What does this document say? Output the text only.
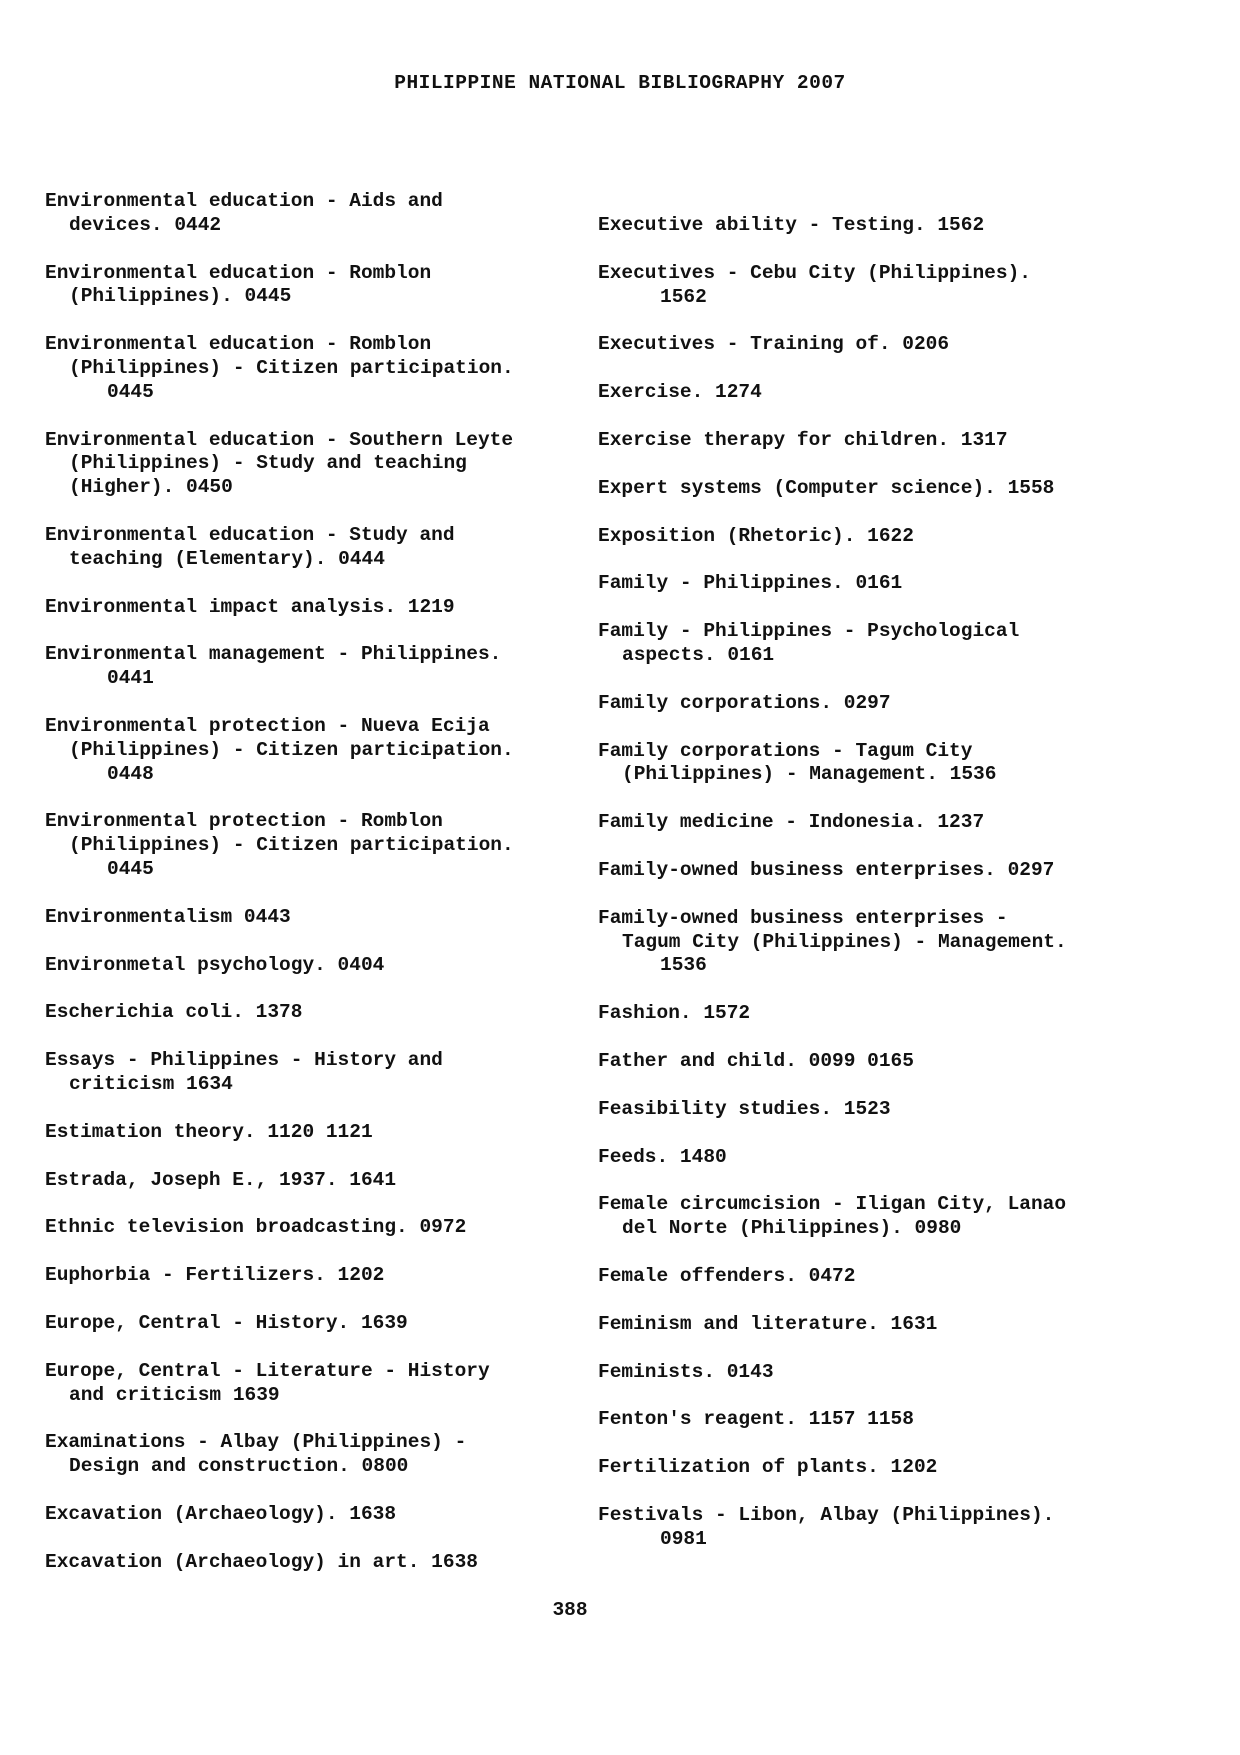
PHILIPPINE NATIONAL BIBLIOGRAPHY 2007
Environmental education - Aids and
devices. 0442
Environmental education - Romblon
(Philippines). 0445
Environmental education - Romblon
(Philippines) - Citizen participation.
0445
Environmental education - Southern Leyte
(Philippines) - Study and teaching
(Higher). 0450
Environmental education - Study and
teaching (Elementary). 0444
Environmental impact analysis. 1219
Environmental management - Philippines.
0441
Environmental protection - Nueva Ecija
(Philippines) - Citizen participation.
0448
Environmental protection - Romblon
(Philippines) - Citizen participation.
0445
Environmentalism 0443
Environmetal psychology. 0404
Escherichia coli. 1378
Essays - Philippines - History and
criticism 1634
Estimation theory. 1120 1121
Estrada, Joseph E., 1937. 1641
Ethnic television broadcasting. 0972
Euphorbia - Fertilizers. 1202
Europe, Central - History. 1639
Europe, Central - Literature - History
and criticism 1639
Examinations - Albay (Philippines) -
Design and construction. 0800
Excavation (Archaeology). 1638
Excavation (Archaeology) in art. 1638
Executive ability - Testing. 1562
Executives - Cebu City (Philippines).
1562
Executives - Training of. 0206
Exercise. 1274
Exercise therapy for children. 1317
Expert systems (Computer science). 1558
Exposition (Rhetoric). 1622
Family - Philippines. 0161
Family - Philippines - Psychological
aspects. 0161
Family corporations. 0297
Family corporations - Tagum City
(Philippines) - Management. 1536
Family medicine - Indonesia. 1237
Family-owned business enterprises. 0297
Family-owned business enterprises -
Tagum City (Philippines) - Management.
1536
Fashion. 1572
Father and child. 0099 0165
Feasibility studies. 1523
Feeds. 1480
Female circumcision - Iligan City, Lanao
del Norte (Philippines). 0980
Female offenders. 0472
Feminism and literature. 1631
Feminists. 0143
Fenton's reagent. 1157 1158
Fertilization of plants. 1202
Festivals - Libon, Albay (Philippines).
0981
388
